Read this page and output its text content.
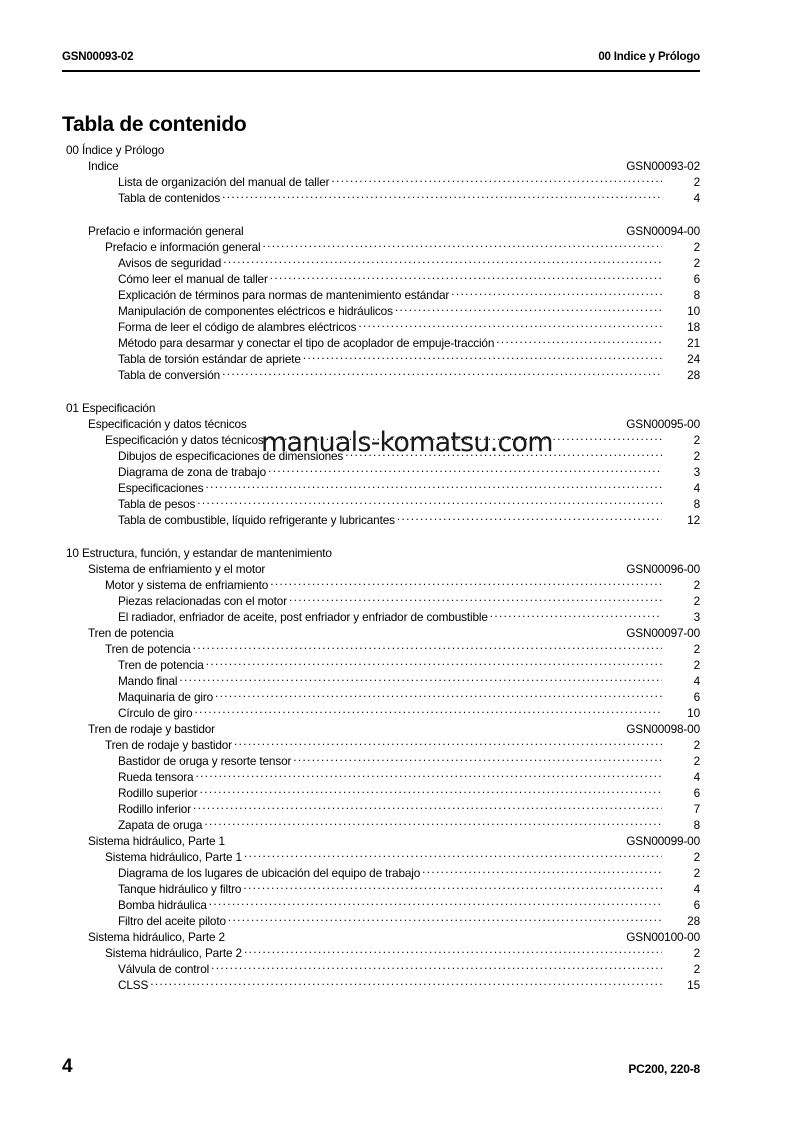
GSN00093-02	00 Indice y Prólogo
Tabla de contenido
00 Índice y Prólogo
Indice	GSN00093-02
Lista de organización del manual de taller .....	2
Tabla de contenidos .....	4
Prefacio e información general	GSN00094-00
Prefacio e información general .....	2
Avisos de seguridad .....	2
Cómo leer el manual de taller .....	6
Explicación de términos para normas de mantenimiento estándar .....	8
Manipulación de componentes eléctricos e hidráulicos .....	10
Forma de leer el código de alambres eléctricos .....	18
Método para desarmar y conectar el tipo de acoplador de empuje-tracción .....	21
Tabla de torsión estándar de apriete .....	24
Tabla de conversión .....	28
01 Especificación
Especificación y datos técnicos	GSN00095-00
Especificación y datos técnicos .....	2
Dibujos de especificaciones de dimensiones .....	2
Diagrama de zona de trabajo .....	3
Especificaciones .....	4
Tabla de pesos .....	8
Tabla de combustible, líquido refrigerante y lubricantes .....	12
10 Estructura, función, y estandar de mantenimiento
Sistema de enfriamiento y el motor	GSN00096-00
Motor y sistema de enfriamiento .....	2
Piezas relacionadas con el motor .....	2
El radiador, enfriador de aceite, post enfriador y enfriador de combustible .....	3
Tren de potencia	GSN00097-00
Tren de potencia .....	2
Tren de potencia .....	2
Mando final .....	4
Maquinaria de giro .....	6
Círculo de giro .....	10
Tren de rodaje y bastidor	GSN00098-00
Tren de rodaje y bastidor .....	2
Bastidor de oruga y resorte tensor .....	2
Rueda tensora .....	4
Rodillo superior .....	6
Rodillo inferior .....	7
Zapata de oruga .....	8
Sistema hidráulico, Parte 1	GSN00099-00
Sistema hidráulico, Parte 1 .....	2
Diagrama de los lugares de ubicación del equipo de trabajo .....	2
Tanque hidráulico y filtro .....	4
Bomba hidráulica .....	6
Filtro del aceite piloto .....	28
Sistema hidráulico, Parte 2	GSN00100-00
Sistema hidráulico, Parte 2 .....	2
Válvula de control .....	2
CLSS .....	15
manuals-komatsu.com
4	PC200, 220-8
